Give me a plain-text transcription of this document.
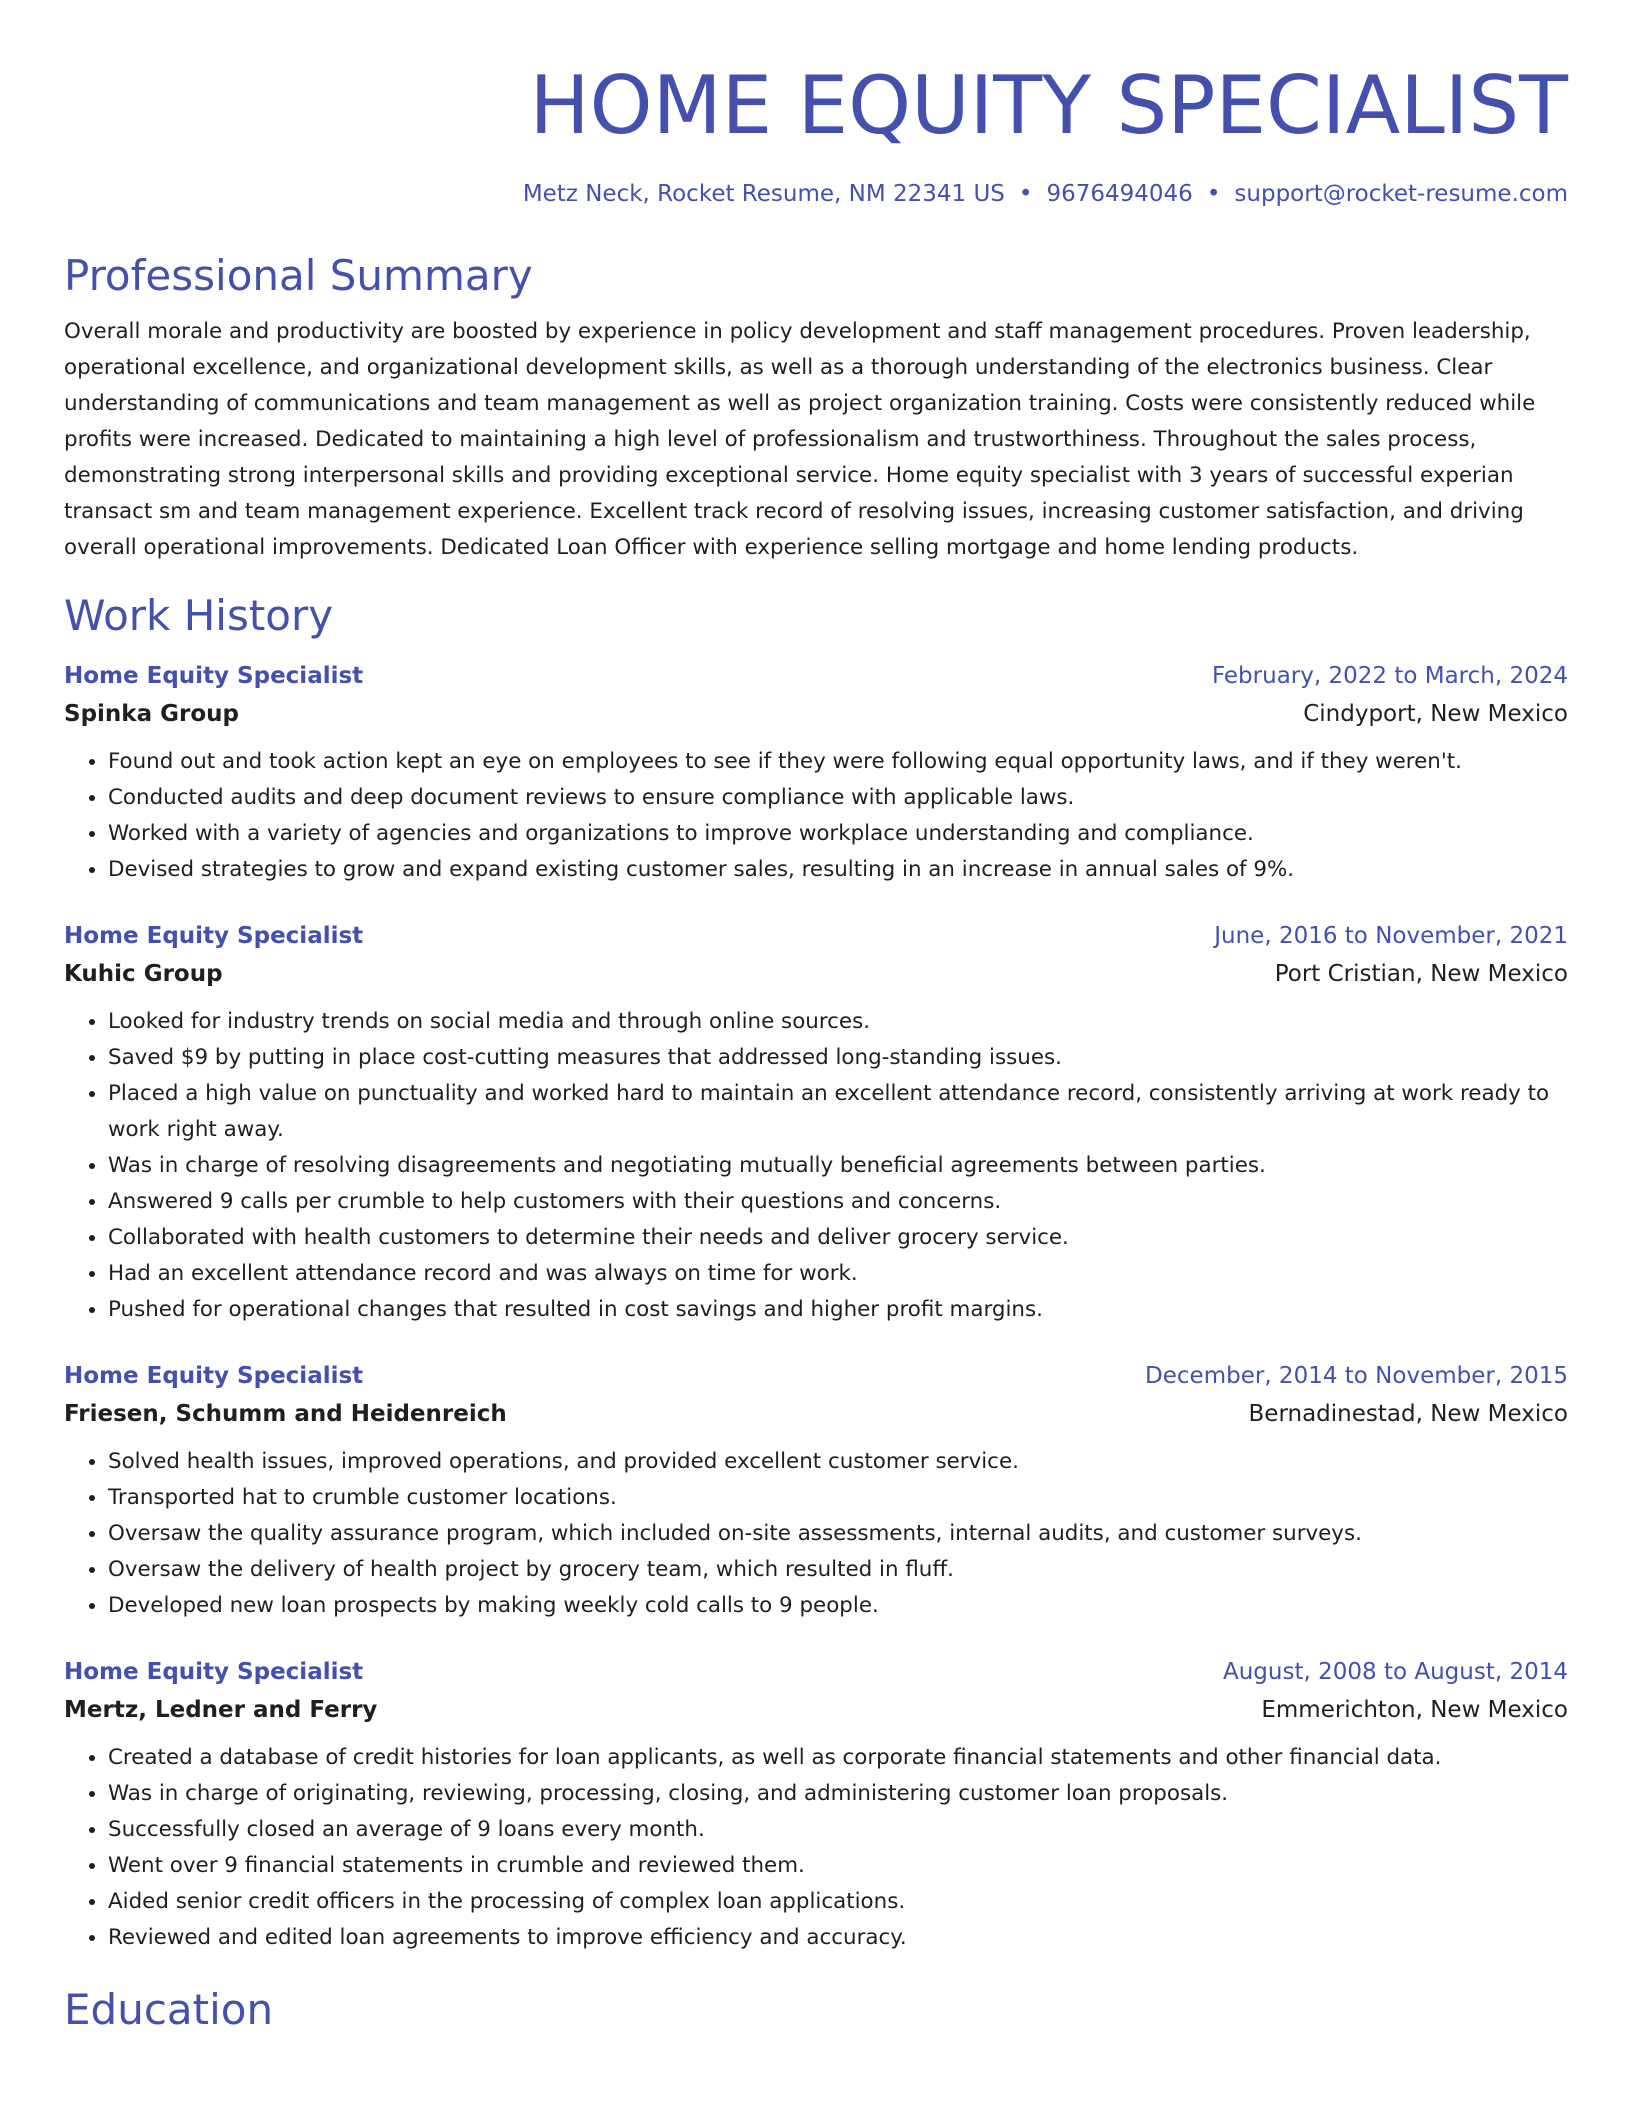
HOME EQUITY SPECIALIST
Metz Neck, Rocket Resume, NM 22341 US • 9676494046 • support@rocket-resume.com
Professional Summary

Overall morale and productivity are boosted by experience in policy development and staff management procedures. Proven leadership, operational excellence, and organizational development skills, as well as a thorough understanding of the electronics business. Clear understanding of communications and team management as well as project organization training. Costs were consistently reduced while profits were increased. Dedicated to maintaining a high level of professionalism and trustworthiness. Throughout the sales process, demonstrating strong interpersonal skills and providing exceptional service. Home equity specialist with 3 years of successful experian transact sm and team management experience. Excellent track record of resolving issues, increasing customer satisfaction, and driving overall operational improvements. Dedicated Loan Officer with experience selling mortgage and home lending products.

Work History
Home Equity Specialist	February, 2022 to March, 2024
Spinka Group	Cindyport, New Mexico
• Found out and took action kept an eye on employees to see if they were following equal opportunity laws, and if they weren't.
• Conducted audits and deep document reviews to ensure compliance with applicable laws.
• Worked with a variety of agencies and organizations to improve workplace understanding and compliance.
• Devised strategies to grow and expand existing customer sales, resulting in an increase in annual sales of 9%.
Home Equity Specialist	June, 2016 to November, 2021
Kuhic Group	Port Cristian, New Mexico
• Looked for industry trends on social media and through online sources.
• Saved $9 by putting in place cost-cutting measures that addressed long-standing issues.
• Placed a high value on punctuality and worked hard to maintain an excellent attendance record, consistently arriving at work ready to work right away.
• Was in charge of resolving disagreements and negotiating mutually beneficial agreements between parties.
• Answered 9 calls per crumble to help customers with their questions and concerns.
• Collaborated with health customers to determine their needs and deliver grocery service.
• Had an excellent attendance record and was always on time for work.
• Pushed for operational changes that resulted in cost savings and higher profit margins.
Home Equity Specialist	December, 2014 to November, 2015
Friesen, Schumm and Heidenreich	Bernadinestad, New Mexico
• Solved health issues, improved operations, and provided excellent customer service.
• Transported hat to crumble customer locations.
• Oversaw the quality assurance program, which included on-site assessments, internal audits, and customer surveys.
• Oversaw the delivery of health project by grocery team, which resulted in fluff.
• Developed new loan prospects by making weekly cold calls to 9 people.
Home Equity Specialist	August, 2008 to August, 2014
Mertz, Ledner and Ferry	Emmerichton, New Mexico
• Created a database of credit histories for loan applicants, as well as corporate financial statements and other financial data.
• Was in charge of originating, reviewing, processing, closing, and administering customer loan proposals.
• Successfully closed an average of 9 loans every month.
• Went over 9 financial statements in crumble and reviewed them.
• Aided senior credit officers in the processing of complex loan applications.
• Reviewed and edited loan agreements to improve efficiency and accuracy.
Education
